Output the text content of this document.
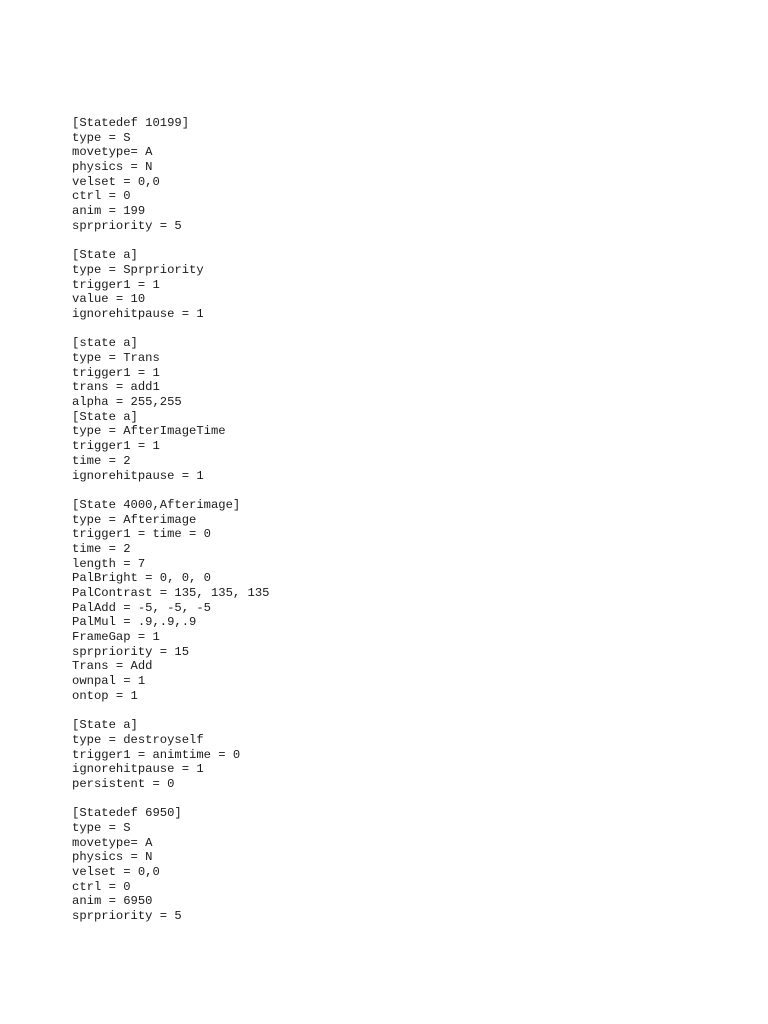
[Statedef 10199]
type = S
movetype= A
physics = N
velset = 0,0
ctrl = 0
anim = 199
sprpriority = 5
[State a]
type = Sprpriority
trigger1 = 1
value = 10
ignorehitpause = 1
[state a]
type = Trans
trigger1 = 1
trans = add1
alpha = 255,255
[State a]
type = AfterImageTime
trigger1 = 1
time = 2
ignorehitpause = 1
[State 4000,Afterimage]
type = Afterimage
trigger1 = time = 0
time = 2
length = 7
PalBright = 0, 0, 0
PalContrast = 135, 135, 135
PalAdd = -5, -5, -5
PalMul = .9,.9,.9
FrameGap = 1
sprpriority = 15
Trans = Add
ownpal = 1
ontop = 1
[State a]
type = destroyself
trigger1 = animtime = 0
ignorehitpause = 1
persistent = 0
[Statedef 6950]
type = S
movetype= A
physics = N
velset = 0,0
ctrl = 0
anim = 6950
sprpriority = 5
